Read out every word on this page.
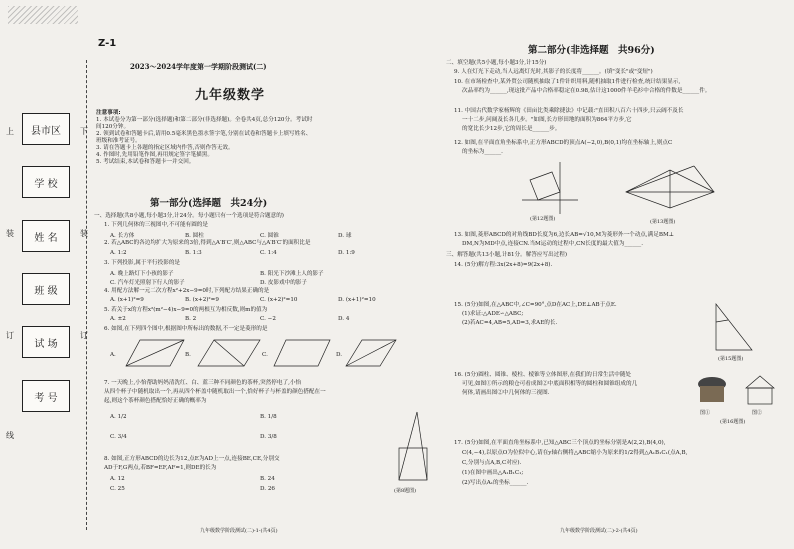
上
装
订
线
下
装
订
县市区
学 校
姓 名
班 级
试 场
考 号
Z-1
2023～2024学年度第一学期阶段测试(二)
九年级数学
注意事项:
1. 本试卷分为第一部分(选择题)和第二部分(非选择题)。全卷共4页,总分120分。考试时
间120分钟。
2. 领到试卷和答题卡后,请用0.5毫米黑色墨水签字笔,分别在试卷和答题卡上填写姓名、
班级和准考证号。
3. 请在答题卡上各题的指定区域内作答,否则作答无效。
4. 作图时,先用铅笔作图,再用规定签字笔描黑。
5. 考试结束,本试卷和答题卡一并交回。
第一部分(选择题　共24分)
一、选择题(共8小题,每小题3分,计24分。每小题只有一个选项是符合题意的)
1. 下列几何体的三视图中,不可能有圆的是
A. 长方体	B. 圆柱	C. 圆锥	D. 球
2. 若△ABC的各边均扩大为原来的3倍,得到△A′B′C′,则△ABC与△A′B′C′的面积比是
A. 1:2	B. 1:3	C. 1:4	D. 1:9
3. 下列投影,属于平行投影的是
A. 晚上路灯下小孩的影子	B. 阳光下沙滩上人的影子
C. 汽车灯光照射下行人的影子	D. 皮影戏中的影子
4. 用配方法解一元二次方程x²+2x−9=0时,下列配方结果正确的是
A. (x+1)²=9	B. (x+2)²=9	C. (x+2)²=10	D. (x+1)²=10
5. 若关于x的方程x²(m²−4)x−9=0的两根互为相反数,则m的值为
A. ±2	B. 2	C. −2	D. 4
6. 如图,在下列四个图中,根据图中所标出的数据,不一定是菱形的是
A.	B.	C.	D.
7. 一天晚上,小怡帮助妈妈清洗红、白、蓝三种不同颜色的茶杯,突然停电了,小怡
从四个杯子中随机取出一个,再从四个杯盖中随机取出一个,恰好杯子与杯盖的颜色搭配在一
起,则这个茶杯颜色搭配恰好正确的概率为
A. 1/2	B. 1/8
C. 3/4	D. 3/8
8. 如图,正方形ABCD的边长为12,点E为AD上一点,连接BE,CE,分别交
AD于F,G两点,若BF=EF,AF=1,则DE的长为
A. 12	B. 24
C. 25	D. 26	(第8题图)
九年级数学阶段测试(二)-1-(共4页)
第二部分(非选择题　共96分)
二、填空题(共5小题,每小题3分,计15分)
9. 人在灯光下走动,当人远离灯光时,其影子的长度将______。(填"变长"或"变短")
10. 在市场检查中,某外贸公司随机抽取了1件针织用料,随机抽取1件进行检查,统计结果显示,
次品率约为______,现这批产品中合格率稳定在0.98,估计这1000件羊毛衫中合格的件数是______件。
11. 中国古代数学家杨辉的《田亩比类乘除捷法》中记载:"直田积八百六十四步,只云阔不及长
一十二步,问阔及长各几步。"如图,长方形田地的面积为864平方步,它
的宽比长少12步,它的周长是______步。
12. 如图,在平面直角坐标系中,正方形ABCD的顶点A(−2,0),B(0,1)均在坐标轴上,则点C
的坐标为______.
(第12题图)	(第13题图)
13. 如图,菱形ABCD的对角线BD长度为6,边长AB=√10,M为菱形外一个动点,满足BM⊥
DM,N为MD中点,连接CN.当M运动的过程中,CN长度的最大值为______.
三、解答题(共13小题,计81分。解答应写出过程)
14. (5分)解方程:3x(2x+8)=9(2x+8).
15. (5分)如图,在△ABC中,∠C=90°,点D在AC上,DE⊥AB于点E.
(1)求证:△ADE∽△ABC;
(2)若AC=4,AB=5,AD=3,求AE的长.
(第15题图)
16. (5分)圆柱、圆锥、棱柱、棱锥等立体图形,在我们的日常生活中随处
可见,如图①所示的粮仓可看成图②中底面积相等的圆柱和圆锥组成的几
何体,请画出图②中几何体的三视图.
图①	图②
(第16题图)
17. (5分)如图,在平面直角坐标系中,已知△ABC三个顶点的坐标分别是A(2,2),B(4,0),
C(4,−4),以原点O为位似中心,请在y轴右侧将△ABC缩小为原来的1/2得到△A₁B₁C₁(点A,B,
C,分别与点A,B,C对应).
(1)在图中画出△A₁B₁C₁;
(2)写出点A₁的坐标______.
九年级数学阶段测试(二)-2-(共4页)
